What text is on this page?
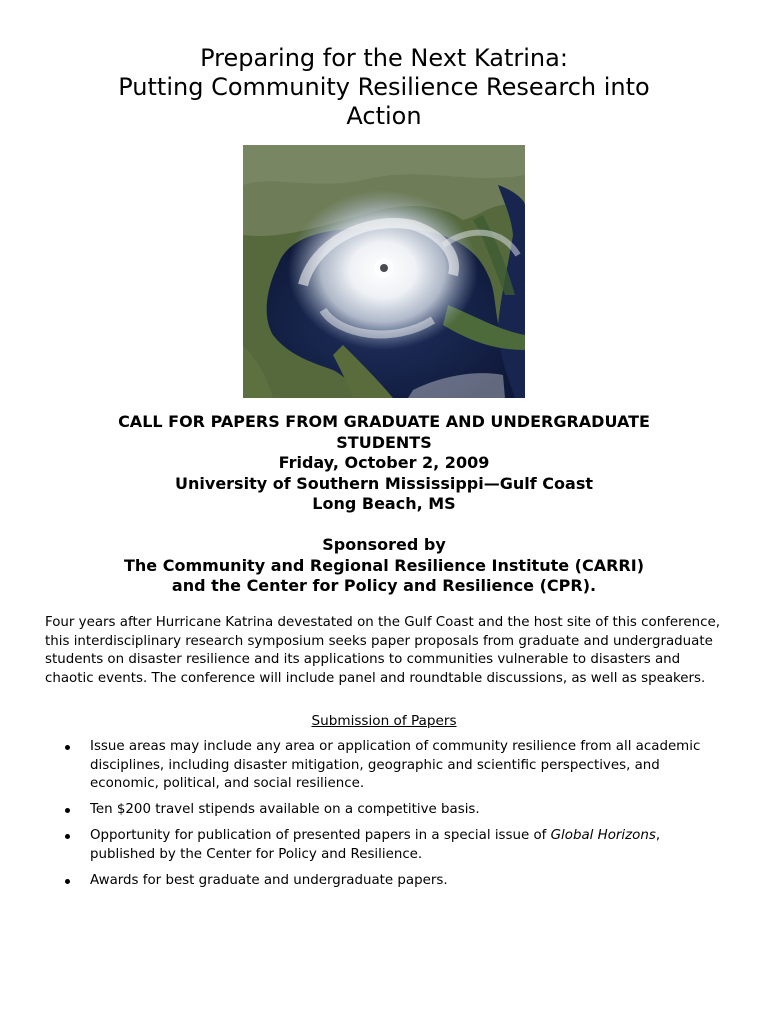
Preparing for the Next Katrina:
Putting Community Resilience Research into
Action
CALL FOR PAPERS FROM GRADUATE AND UNDERGRADUATE
STUDENTS
Friday, October 2, 2009
University of Southern Mississippi—Gulf Coast
Long Beach, MS
Sponsored by
The Community and Regional Resilience Institute (CARRI)
and the Center for Policy and Resilience (CPR).

Four years after Hurricane Katrina devestated on the Gulf Coast and the host site of this conference, this interdisciplinary research symposium seeks paper proposals from graduate and undergraduate students on disaster resilience and its applications to communities vulnerable to disasters and chaotic events. The conference will include panel and roundtable discussions, as well as speakers.

Submission of Papers
Issue areas may include any area or application of community resilience from all academic disciplines, including disaster mitigation, geographic and scientific perspectives, and economic, political, and social resilience.
Ten $200 travel stipends available on a competitive basis.
Opportunity for publication of presented papers in a special issue of Global Horizons, published by the Center for Policy and Resilience.
Awards for best graduate and undergraduate papers.
